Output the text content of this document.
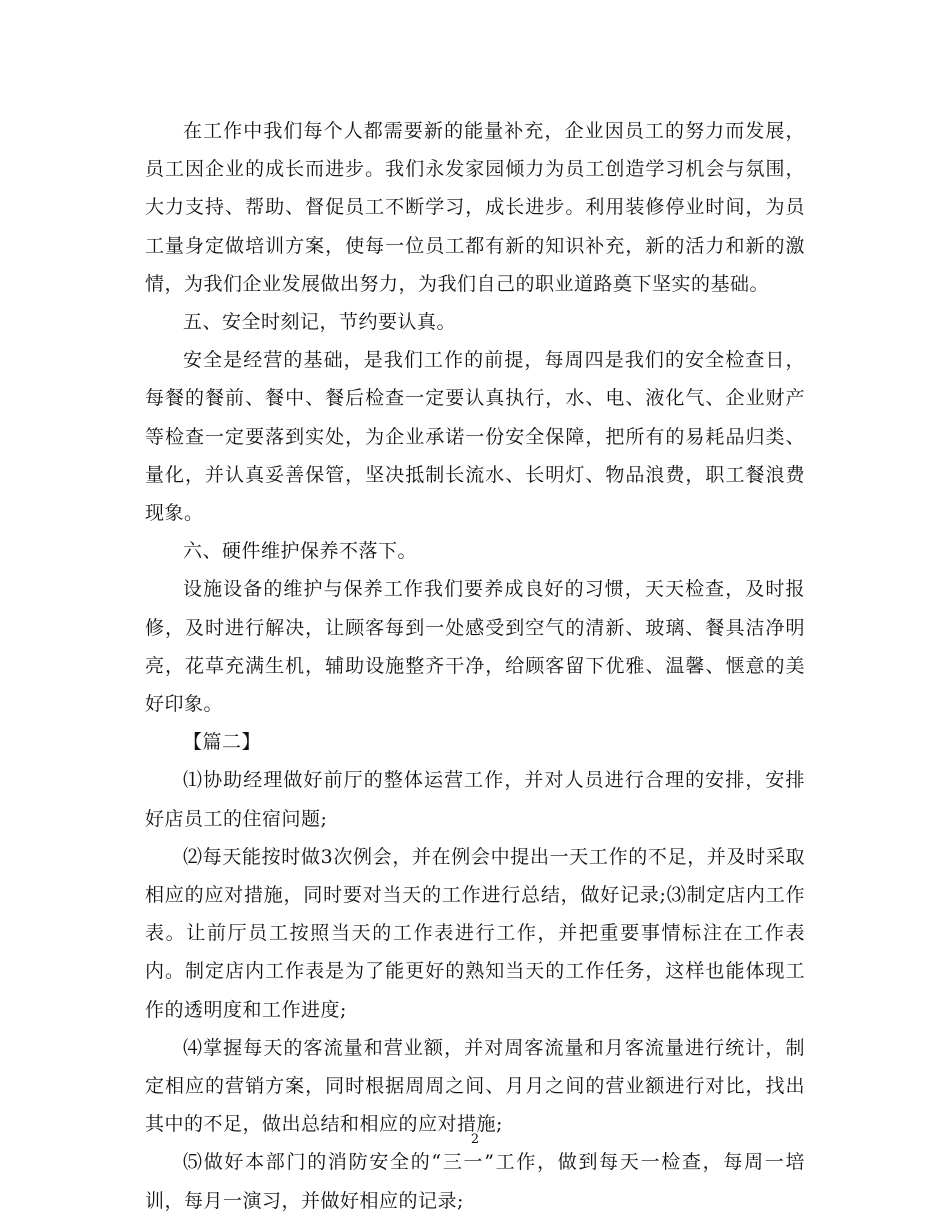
在工作中我们每个人都需要新的能量补充，企业因员工的努力而发展，员工因企业的成长而进步。我们永发家园倾力为员工创造学习机会与氛围，大力支持、帮助、督促员工不断学习，成长进步。利用装修停业时间，为员工量身定做培训方案，使每一位员工都有新的知识补充，新的活力和新的激情，为我们企业发展做出努力，为我们自己的职业道路奠下坚实的基础。

五、安全时刻记，节约要认真。

安全是经营的基础，是我们工作的前提，每周四是我们的安全检查日，每餐的餐前、餐中、餐后检查一定要认真执行，水、电、液化气、企业财产等检查一定要落到实处，为企业承诺一份安全保障，把所有的易耗品归类、量化，并认真妥善保管，坚决抵制长流水、长明灯、物品浪费，职工餐浪费现象。

六、硬件维护保养不落下。

设施设备的维护与保养工作我们要养成良好的习惯，天天检查，及时报修，及时进行解决，让顾客每到一处感受到空气的清新、玻璃、餐具洁净明亮，花草充满生机，辅助设施整齐干净，给顾客留下优雅、温馨、惬意的美好印象。

【篇二】

⑴协助经理做好前厅的整体运营工作，并对人员进行合理的安排，安排好店员工的住宿问题;

⑵每天能按时做3次例会，并在例会中提出一天工作的不足，并及时采取相应的应对措施，同时要对当天的工作进行总结，做好记录;⑶制定店内工作表。让前厅员工按照当天的工作表进行工作，并把重要事情标注在工作表内。制定店内工作表是为了能更好的熟知当天的工作任务，这样也能体现工作的透明度和工作进度;

⑷掌握每天的客流量和营业额，并对周客流量和月客流量进行统计，制定相应的营销方案，同时根据周周之间、月月之间的营业额进行对比，找出其中的不足，做出总结和相应的应对措施;

⑸做好本部门的消防安全的“三一”工作，做到每天一检查，每周一培训，每月一演习，并做好相应的记录;

2
